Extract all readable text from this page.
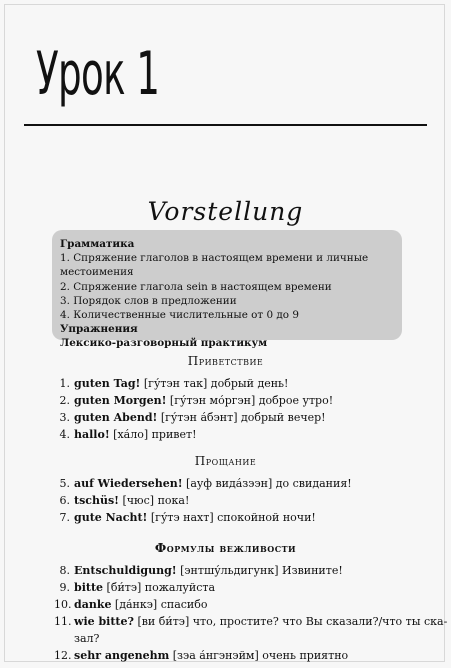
Урок 1
Vorstellung
Грамматика
1. Спряжение глаголов в настоящем времени и личные местоимения
2. Спряжение глагола sein в настоящем времени
3. Порядок слов в предложении
4. Количественные числительные от 0 до 9
Упражнения
Лексико-разговорный практикум
Приветствие
1. guten Tag! [гу́тэн так] добрый день!
2. guten Morgen! [гу́тэн мо́ргэн] доброе утро!
3. guten Abend! [гу́тэн а́бэнт] добрый вечер!
4. hallo! [ха́ло] привет!
Прощание
5. auf Wiedersehen! [ауф вида́зээн] до свидания!
6. tschüs! [чюс] пока!
7. gute Nacht! [гу́тэ нахт] спокойной ночи!
Формулы вежливости
8. Entschuldigung! [энтшу́льдигунк] Извините!
9. bitte [би́тэ] пожалуйста
10. danke [да́нкэ] спасибо
11. wie bitte? [ви би́тэ] что, простите? что Вы сказали?/что ты ска-
зал?
12. sehr angenehm [зэа а́нгэнэйм] очень приятно
